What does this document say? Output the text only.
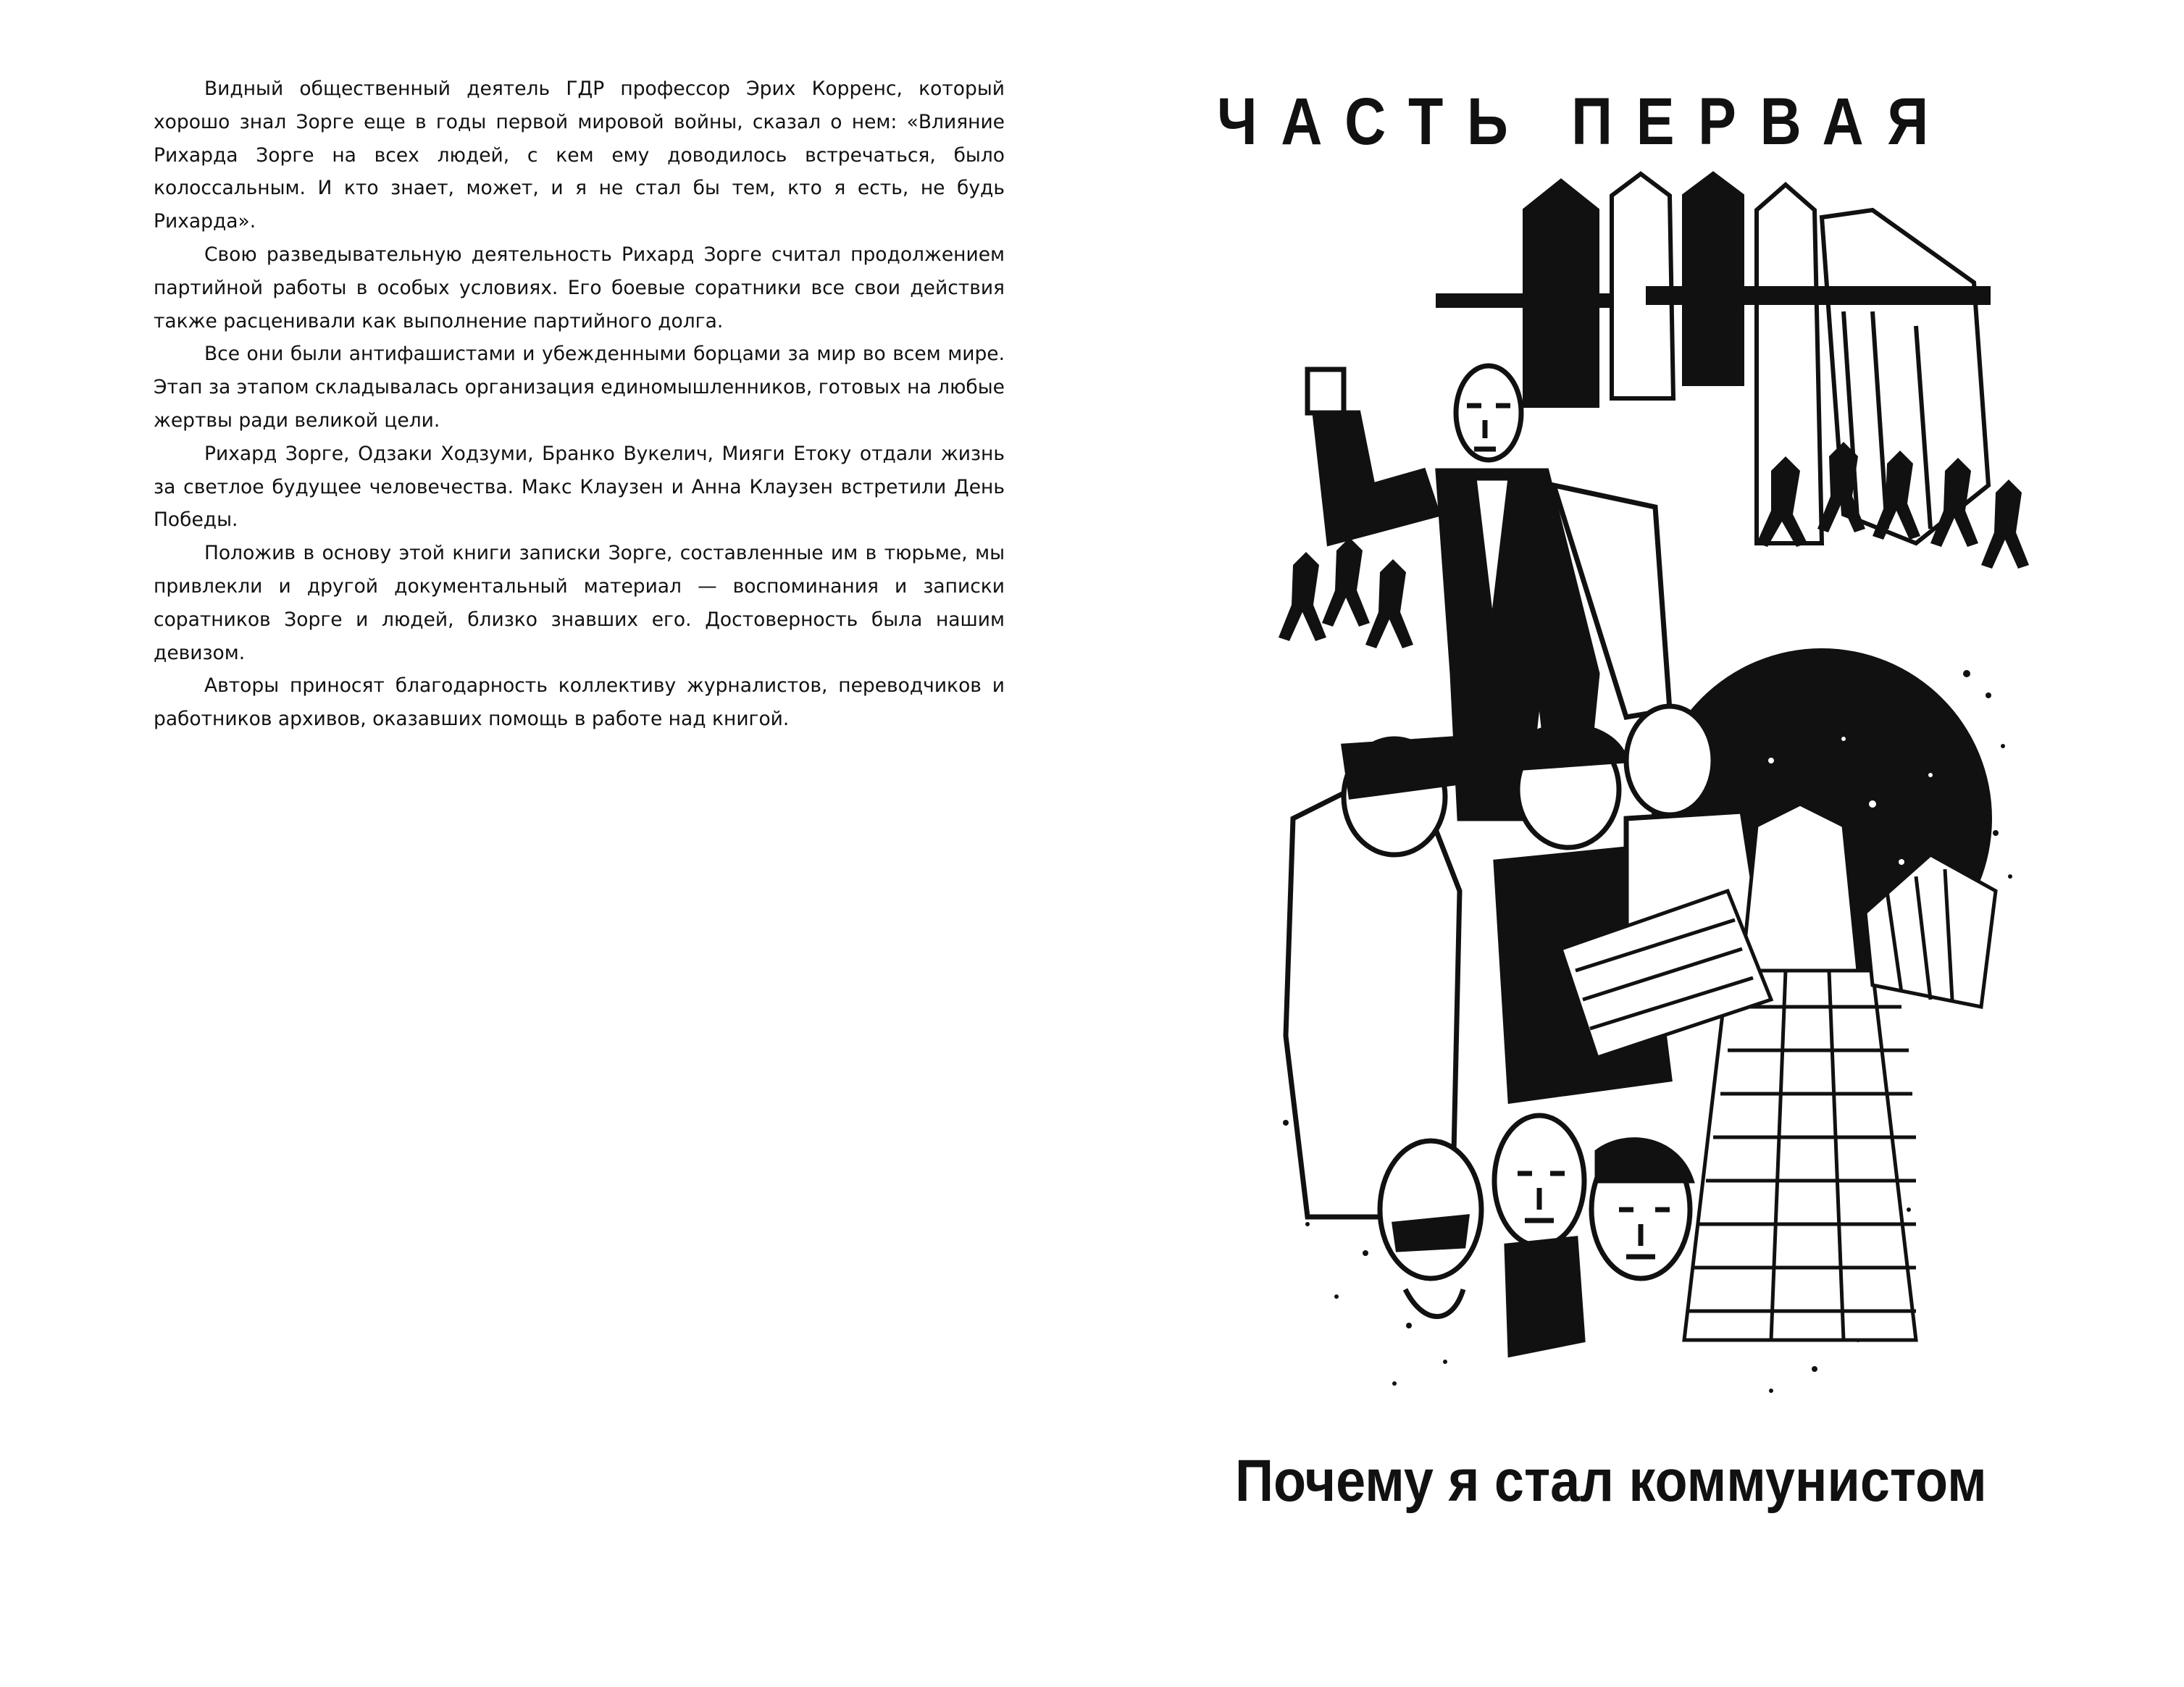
Видный общественный деятель ГДР профессор Эрих Корренс, который хорошо знал Зорге еще в годы первой мировой войны, сказал о нем: «Влияние Рихарда Зорге на всех людей, с кем ему доводилось встречаться, было колоссальным. И кто знает, может, и я не стал бы тем, кто я есть, не будь Рихарда».

Свою разведывательную деятельность Рихард Зорге считал продолжением партийной работы в особых условиях. Его боевые соратники все свои действия также расценивали как выполнение партийного долга.

Все они были антифашистами и убежденными борцами за мир во всем мире. Этап за этапом складывалась организация единомышленников, готовых на любые жертвы ради великой цели.

Рихард Зорге, Одзаки Ходзуми, Бранко Вукелич, Мияги Етоку отдали жизнь за светлое будущее человечества. Макс Клаузен и Анна Клаузен встретили День Победы.

Положив в основу этой книги записки Зорге, составленные им в тюрьме, мы привлекли и другой документальный материал — воспоминания и записки соратников Зорге и людей, близко знавших его. Достоверность была нашим девизом.

Авторы приносят благодарность коллективу журналистов, переводчиков и работников архивов, оказавших помощь в работе над книгой.

ЧАСТЬ ПЕРВАЯ
Почему я стал коммунистом
